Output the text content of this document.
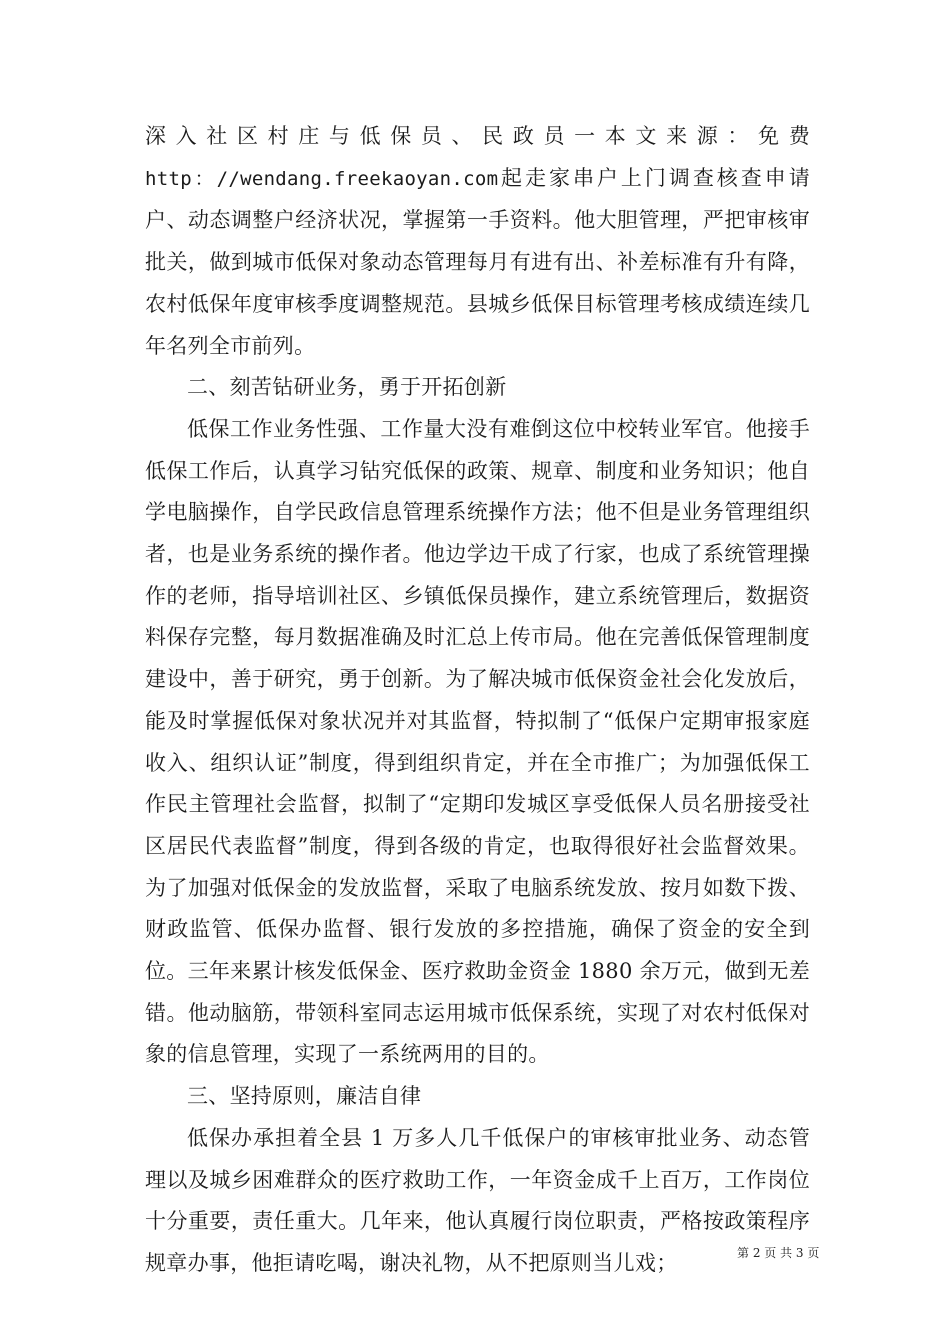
深入社区村庄与低保员、民政员一本文来源：免费 http：//wendang.freekaoyan.com起走家串户上门调查核查申请户、动态调整户经济状况，掌握第一手资料。他大胆管理，严把审核审批关，做到城市低保对象动态管理每月有进有出、补差标准有升有降，农村低保年度审核季度调整规范。县城乡低保目标管理考核成绩连续几年名列全市前列。

二、刻苦钻研业务，勇于开拓创新

低保工作业务性强、工作量大没有难倒这位中校转业军官。他接手低保工作后，认真学习钻究低保的政策、规章、制度和业务知识；他自学电脑操作，自学民政信息管理系统操作方法；他不但是业务管理组织者，也是业务系统的操作者。他边学边干成了行家，也成了系统管理操作的老师，指导培训社区、乡镇低保员操作，建立系统管理后，数据资料保存完整，每月数据准确及时汇总上传市局。他在完善低保管理制度建设中，善于研究，勇于创新。为了解决城市低保资金社会化发放后，能及时掌握低保对象状况并对其监督，特拟制了“低保户定期审报家庭收入、组织认证”制度，得到组织肯定，并在全市推广；为加强低保工作民主管理社会监督，拟制了“定期印发城区享受低保人员名册接受社区居民代表监督”制度，得到各级的肯定，也取得很好社会监督效果。为了加强对低保金的发放监督，采取了电脑系统发放、按月如数下拨、财政监管、低保办监督、银行发放的多控措施，确保了资金的安全到位。三年来累计核发低保金、医疗救助金资金 1880 余万元，做到无差错。他动脑筋，带领科室同志运用城市低保系统，实现了对农村低保对象的信息管理，实现了一系统两用的目的。

三、坚持原则，廉洁自律

低保办承担着全县 1 万多人几千低保户的审核审批业务、动态管理以及城乡困难群众的医疗救助工作，一年资金成千上百万，工作岗位十分重要，责任重大。几年来，他认真履行岗位职责，严格按政策程序规章办事，他拒请吃喝，谢决礼物，从不把原则当儿戏；	第 2 页 共 3 页
